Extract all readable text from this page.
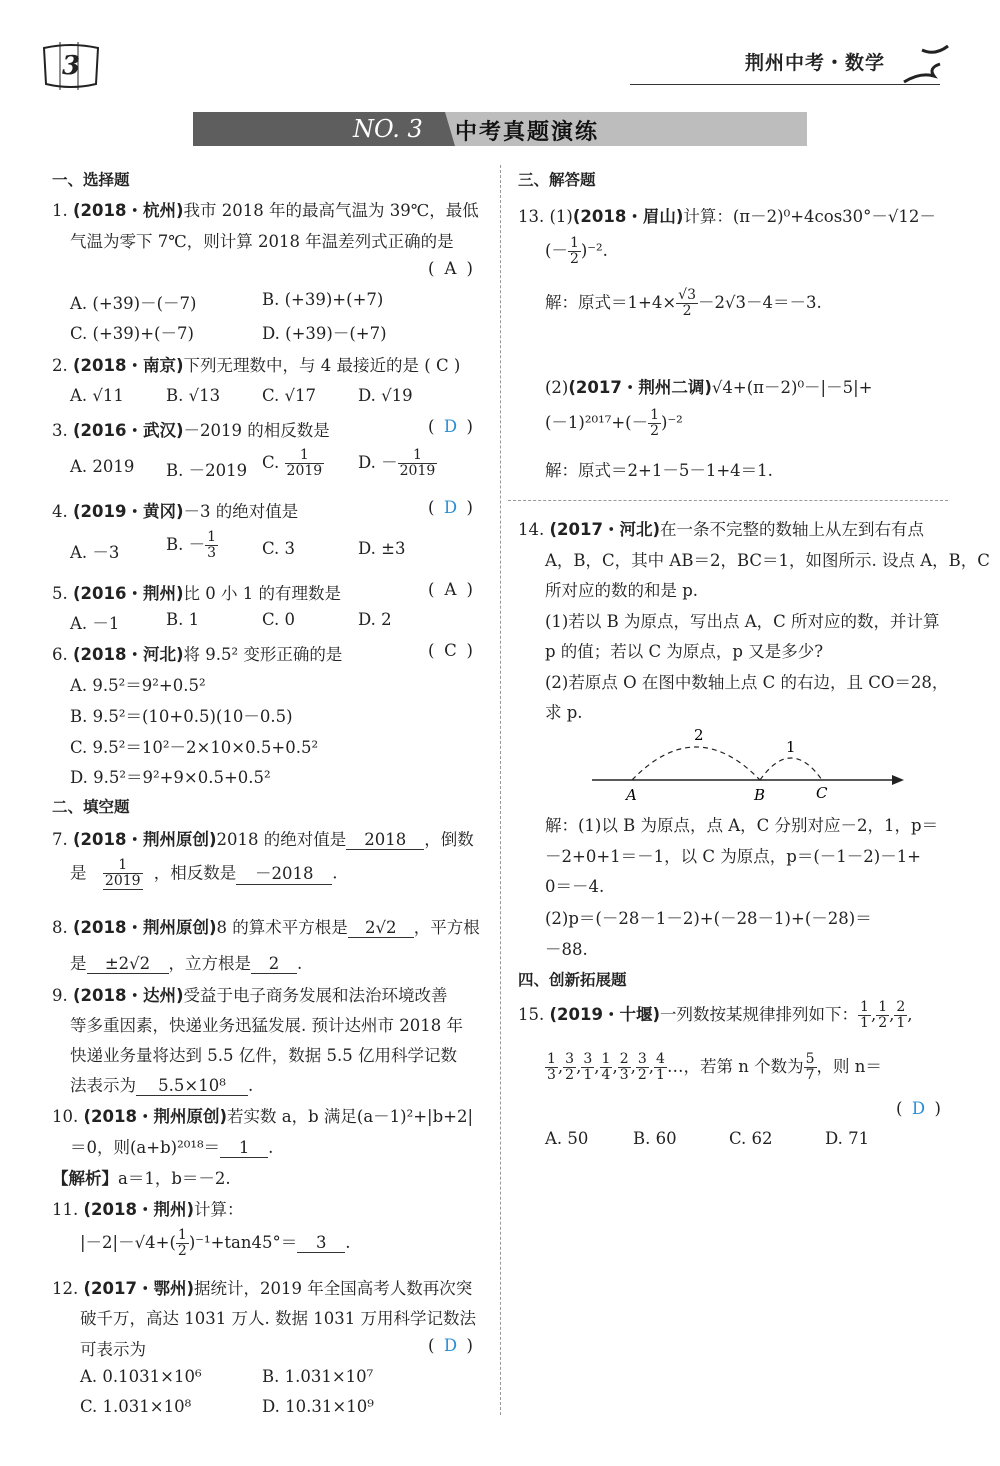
3	荆州中考・数学
NO. 3 中考真题演练
一、选择题
1. (2018・杭州)我市 2018 年的最高气温为 39℃，最低
气温为零下 7℃，则计算 2018 年温差列式正确的是
( A )
A. (+39)－(－7)	B. (+39)+(+7)
C. (+39)+(－7)	D. (+39)－(+7)
2. (2018・南京)下列无理数中，与 4 最接近的是 ( C )
A. √11	B. √13	C. √17	D. √19
3. (2016・武汉)－2019 的相反数是	( D )
A. 2019 B. －2019 C. $\frac{1}{2019} D$. － $\frac{1}{2019}$
4. (2019・黄冈)－3 的绝对值是	( D )
A. －3	B. － $\frac{1}{3}$	C. 3	D. ±3
5. (2016・荆州)比 0 小 1 的有理数是	( A )
A. －1	B. 1	C. 0	D. 2
6. (2018・河北)将 9.5² 变形正确的是	( C )
A. 9.5²＝9²+0.5²
B. 9.5²＝(10+0.5)(10－0.5)
C. 9.5²＝10²－2×10×0.5+0.5²
D. 9.5²＝9²+9×0.5+0.5²
二、填空题
7. (2018・荆州原创)2018 的绝对值是 2018 ，倒数
是 $\frac{1}{2019}$ ，相反数是 －2018 .
8. (2018・荆州原创)8 的算术平方根是 2√2 ，平方根
是 ±2√2 ，立方根是 2 .
9. (2018・达州)受益于电子商务发展和法治环境改善
等多重因素，快递业务迅猛发展. 预计达州市 2018 年
快递业务量将达到 5.5 亿件，数据 5.5 亿用科学记数
法表示为 5.5×10⁸ .
10. (2018・荆州原创)若实数 a，b 满足(a－1)²+|b+2|
＝0，则(a+b)²⁰¹⁸＝ 1 .
【解析】a＝1，b＝－2.
11. (2018・荆州)计算：
$|-2|-√4+( \frac{1}{2} )^{-1}+\tan 45^\circ= 3$ .
12. (2017・鄂州)据统计，2019 年全国高考人数再次突
破千万，高达 1031 万人. 数据 1031 万用科学记数法
可表示为	( D )
A. 0.1031×10⁶	B. 1.031×10⁷
C. 1.031×10⁸	D. 10.31×10⁹
三、解答题
13. (1)(2018・眉山)计算：(π－2)⁰+4cos30°－√12－
(－ $\frac{1}{2} )^{-2}$.
解：原式$=1+4\times \frac{√3}{2} -2√3-4=-3$.
(2)(2017・荆州二调)√4+(π－2)⁰－|－5|+
$(-1)^{2017}+(- \frac{1}{2} )^{-2}$
解：原式＝2+1－5－1+4＝1.
14. (2017・河北)在一条不完整的数轴上从左到右有点
A，B，C，其中 AB＝2，BC＝1，如图所示. 设点 A，B，C
所对应的数的和是 p.
(1)若以 B 为原点，写出点 A，C 所对应的数，并计算
p 的值；若以 C 为原点，p 又是多少?
(2)若原点 O 在图中数轴上点 C 的右边，且 CO＝28，
求 p.
2
1
A	B	C
解：(1)以 B 为原点，点 A，C 分别对应－2，1，p＝
－2+0+1＝－1，以 C 为原点，p＝(－1－2)－1+
0＝－4.
(2)p＝(－28－1－2)+(－28－1)+(－28)＝
－88.
四、创新拓展题
15. (2019・十堰)一列数按某规律排列如下： $\frac{1}{1}$ , $\frac{1}{2}$ , $\frac{2}{1}$ ,
$\frac{1}{3}$ , $\frac{3}{2}$ , $\frac{3}{1}$ , $\frac{1}{4}$ , $\frac{2}{3}$ , $\frac{3}{2}$ , $\frac{4}{1}$ …，若第 n 个数为 $\frac{5}{7}$ ，则 n＝
( D )
A. 50	B. 60	C. 62	D. 71
